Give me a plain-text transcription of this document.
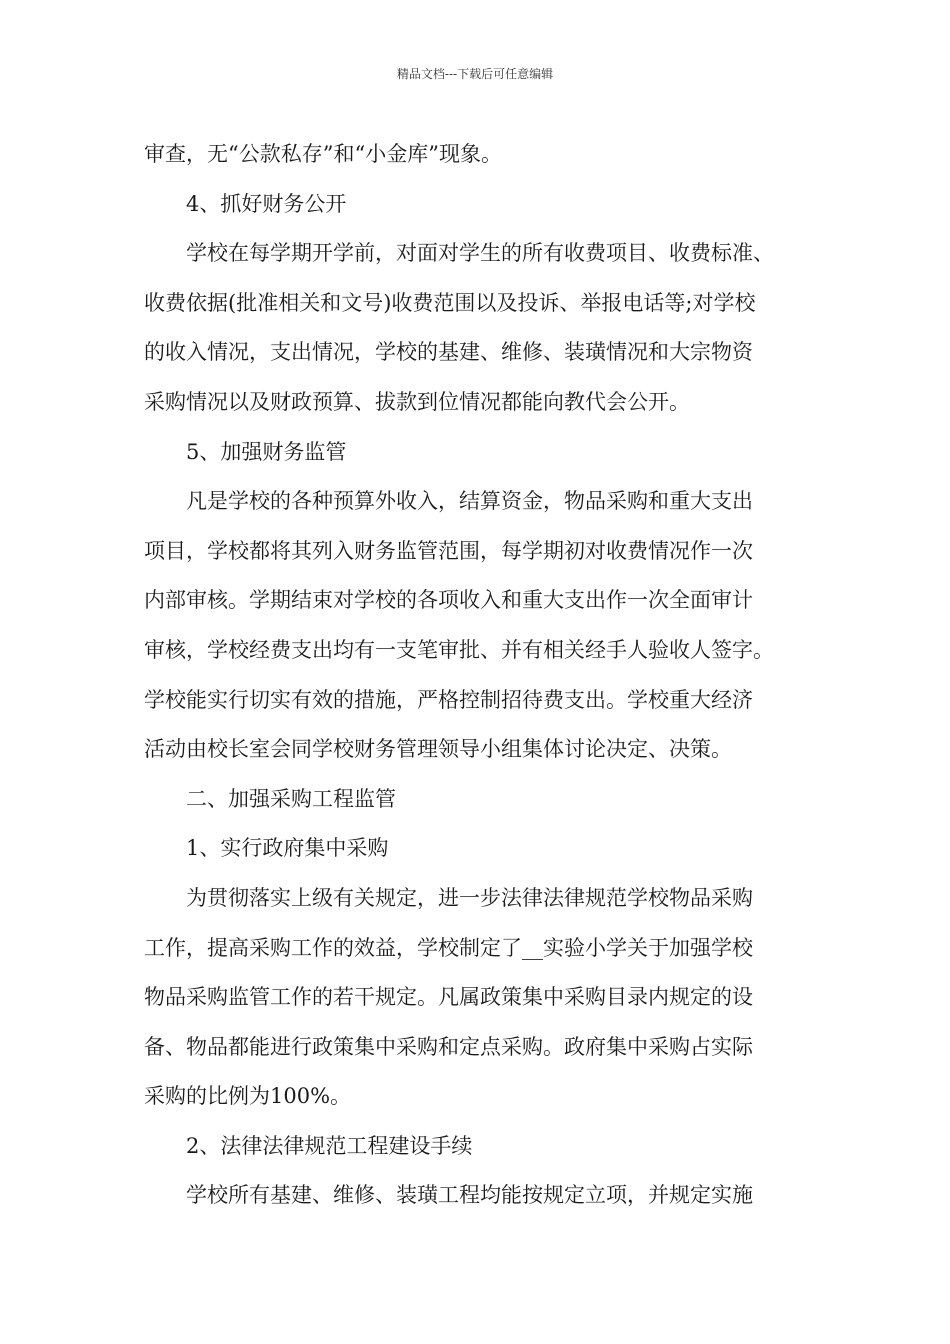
精品文档---下载后可任意编辑
审查，无“公款私存”和“小金库”现象。
4、抓好财务公开
学校在每学期开学前，对面对学生的所有收费项目、收费标准、
收费依据(批准相关和文号)收费范围以及投诉、举报电话等;对学校
的收入情况，支出情况，学校的基建、维修、装璜情况和大宗物资
采购情况以及财政预算、拔款到位情况都能向教代会公开。
5、加强财务监管
凡是学校的各种预算外收入，结算资金，物品采购和重大支出
项目，学校都将其列入财务监管范围，每学期初对收费情况作一次
内部审核。学期结束对学校的各项收入和重大支出作一次全面审计
审核，学校经费支出均有一支笔审批、并有相关经手人验收人签字。
学校能实行切实有效的措施，严格控制招待费支出。学校重大经济
活动由校长室会同学校财务管理领导小组集体讨论决定、决策。
二、加强采购工程监管
1、实行政府集中采购
为贯彻落实上级有关规定，进一步法律法律规范学校物品采购
工作，提高采购工作的效益，学校制定了__实验小学关于加强学校
物品采购监管工作的若干规定。凡属政策集中采购目录内规定的设
备、物品都能进行政策集中采购和定点采购。政府集中采购占实际
采购的比例为100%。
2、法律法律规范工程建设手续
学校所有基建、维修、装璜工程均能按规定立项，并规定实施
